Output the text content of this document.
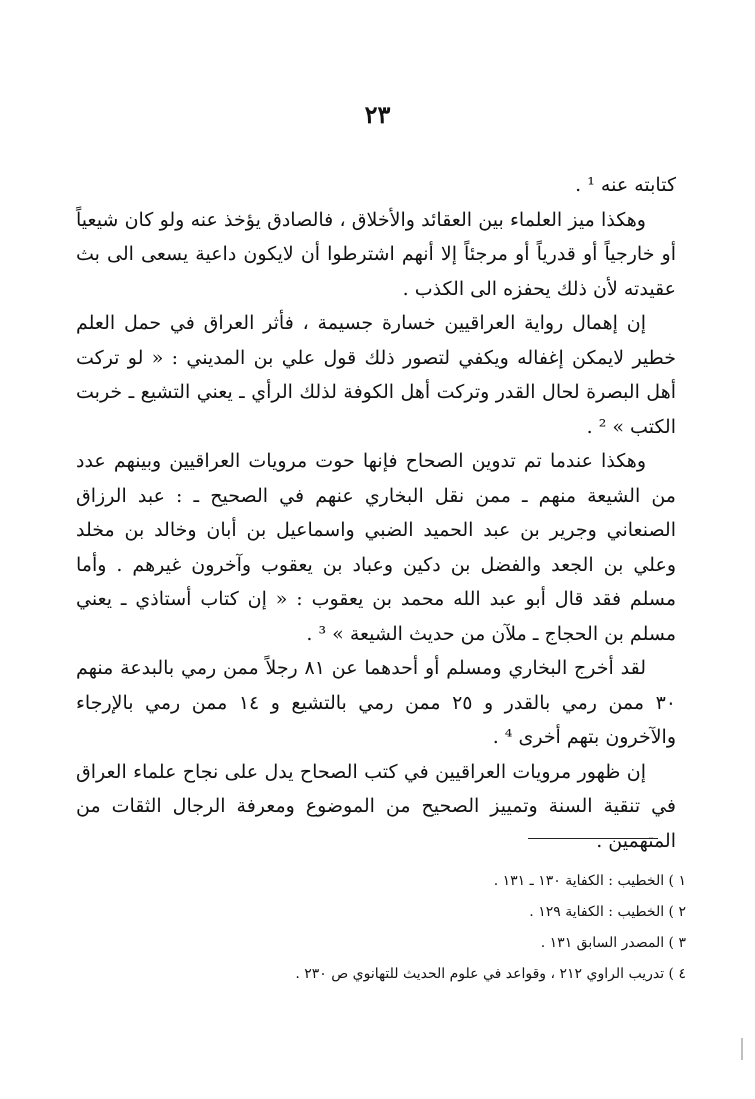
٢٣

كتابته عنه ¹ .

وهكذا ميز العلماء بين العقائد والأخلاق ، فالصادق يؤخذ عنه ولو كان شيعياً أو خارجياً أو قدرياً أو مرجئاً إلا أنهم اشترطوا أن لايكون داعية يسعى الى بث عقيدته لأن ذلك يحفزه الى الكذب .

إن إهمال رواية العراقيين خسارة جسيمة ، فأثر العراق في حمل العلم خطير لايمكن إغفاله ويكفي لتصور ذلك قول علي بن المديني : « لو تركت أهل البصرة لحال القدر وتركت أهل الكوفة لذلك الرأي ـ يعني التشيع ـ خربت الكتب » ² .

وهكذا عندما تم تدوين الصحاح فإنها حوت مرويات العراقيين وبينهم عدد من الشيعة منهم ـ ممن نقل البخاري عنهم في الصحيح ـ : عبد الرزاق الصنعاني وجرير بن عبد الحميد الضبي واسماعيل بن أبان وخالد بن مخلد وعلي بن الجعد والفضل بن دكين وعباد بن يعقوب وآخرون غيرهم . وأما مسلم فقد قال أبو عبد الله محمد بن يعقوب : « إن كتاب أستاذي ـ يعني مسلم بن الحجاج ـ ملآن من حديث الشيعة » ³ .

لقد أخرج البخاري ومسلم أو أحدهما عن ٨١ رجلاً ممن رمي بالبدعة منهم ٣٠ ممن رمي بالقدر و ٢٥ ممن رمي بالتشيع و ١٤ ممن رمي بالإرجاء والآخرون بتهم أخرى ⁴ .

إن ظهور مرويات العراقيين في كتب الصحاح يدل على نجاح علماء العراق في تنقية السنة وتمييز الصحيح من الموضوع ومعرفة الرجال الثقات من المتهمين .

١ ) الخطيب : الكفاية ١٣٠ ـ ١٣١ .

٢ ) الخطيب : الكفاية ١٢٩ .

٣ ) المصدر السابق ١٣١ .

٤ ) تدريب الراوي ٢١٢ ، وقواعد في علوم الحديث للتهانوي ص ٢٣٠ .
